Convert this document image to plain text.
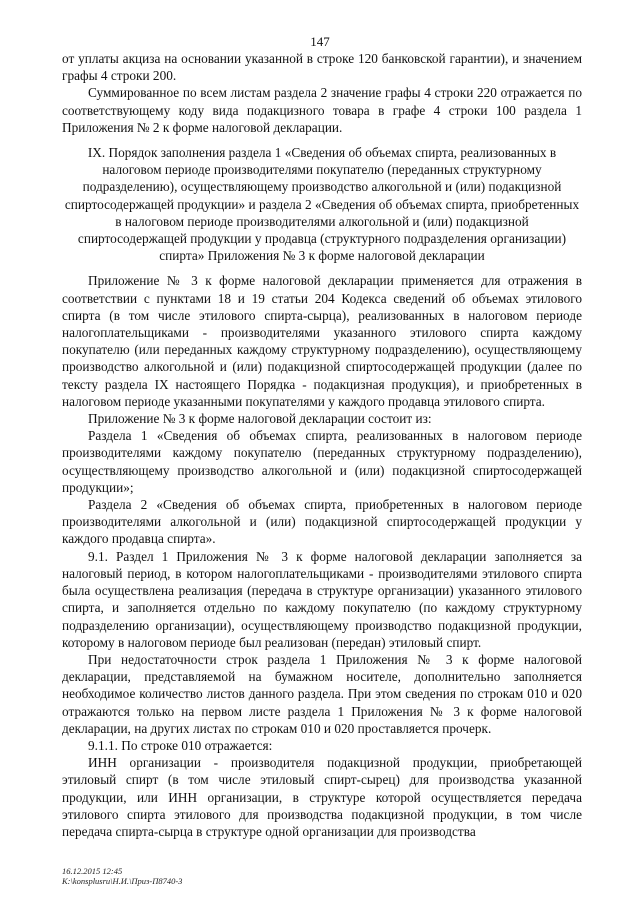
147

от уплаты акциза на основании указанной в строке 120 банковской гарантии), и значением графы 4 строки 200.

Суммированное по всем листам раздела 2 значение графы 4 строки 220 отражается по соответствующему коду вида подакцизного товара в графе 4 строки 100 раздела 1 Приложения № 2 к форме налоговой декларации.

IX. Порядок заполнения раздела 1 «Сведения об объемах спирта, реализованных в налоговом периоде производителями покупателю (переданных структурному подразделению), осуществляющему производство алкогольной и (или) подакцизной спиртосодержащей продукции» и раздела 2 «Сведения об объемах спирта, приобретенных в налоговом периоде производителями алкогольной и (или) подакцизной спиртосодержащей продукции у продавца (структурного подразделения организации) спирта» Приложения № 3 к форме налоговой декларации

Приложение № 3 к форме налоговой декларации применяется для отражения в соответствии с пунктами 18 и 19 статьи 204 Кодекса сведений об объемах этилового спирта (в том числе этилового спирта-сырца), реализованных в налоговом периоде налогоплательщиками - производителями указанного этилового спирта каждому покупателю (или переданных каждому структурному подразделению), осуществляющему производство алкогольной и (или) подакцизной спиртосодержащей продукции (далее по тексту раздела IX настоящего Порядка - подакцизная продукция), и приобретенных в налоговом периоде указанными покупателями у каждого продавца этилового спирта.

Приложение № 3 к форме налоговой декларации состоит из:

Раздела 1 «Сведения об объемах спирта, реализованных в налоговом периоде производителями каждому покупателю (переданных структурному подразделению), осуществляющему производство алкогольной и (или) подакцизной спиртосодержащей продукции»;

Раздела 2 «Сведения об объемах спирта, приобретенных в налоговом периоде производителями алкогольной и (или) подакцизной спиртосодержащей продукции у каждого продавца спирта».

9.1. Раздел 1 Приложения № 3 к форме налоговой декларации заполняется за налоговый период, в котором налогоплательщиками - производителями этилового спирта была осуществлена реализация (передача в структуре организации) указанного этилового спирта, и заполняется отдельно по каждому покупателю (по каждому структурному подразделению организации), осуществляющему производство подакцизной продукции, которому в налоговом периоде был реализован (передан) этиловый спирт.

При недостаточности строк раздела 1 Приложения № 3 к форме налоговой декларации, представляемой на бумажном носителе, дополнительно заполняется необходимое количество листов данного раздела. При этом сведения по строкам 010 и 020 отражаются только на первом листе раздела 1 Приложения № 3 к форме налоговой декларации, на других листах по строкам 010 и 020 проставляется прочерк.

9.1.1. По строке 010 отражается:

ИНН организации - производителя подакцизной продукции, приобретающей этиловый спирт (в том числе этиловый спирт-сырец) для производства указанной продукции, или ИНН организации, в структуре которой осуществляется передача этилового спирта этилового для производства подакцизной продукции, в том числе передача спирта-сырца в структуре одной организации для производства

16.12.2015 12:45
K:\konsplusru\Н.И.\Приз-П8740-3
